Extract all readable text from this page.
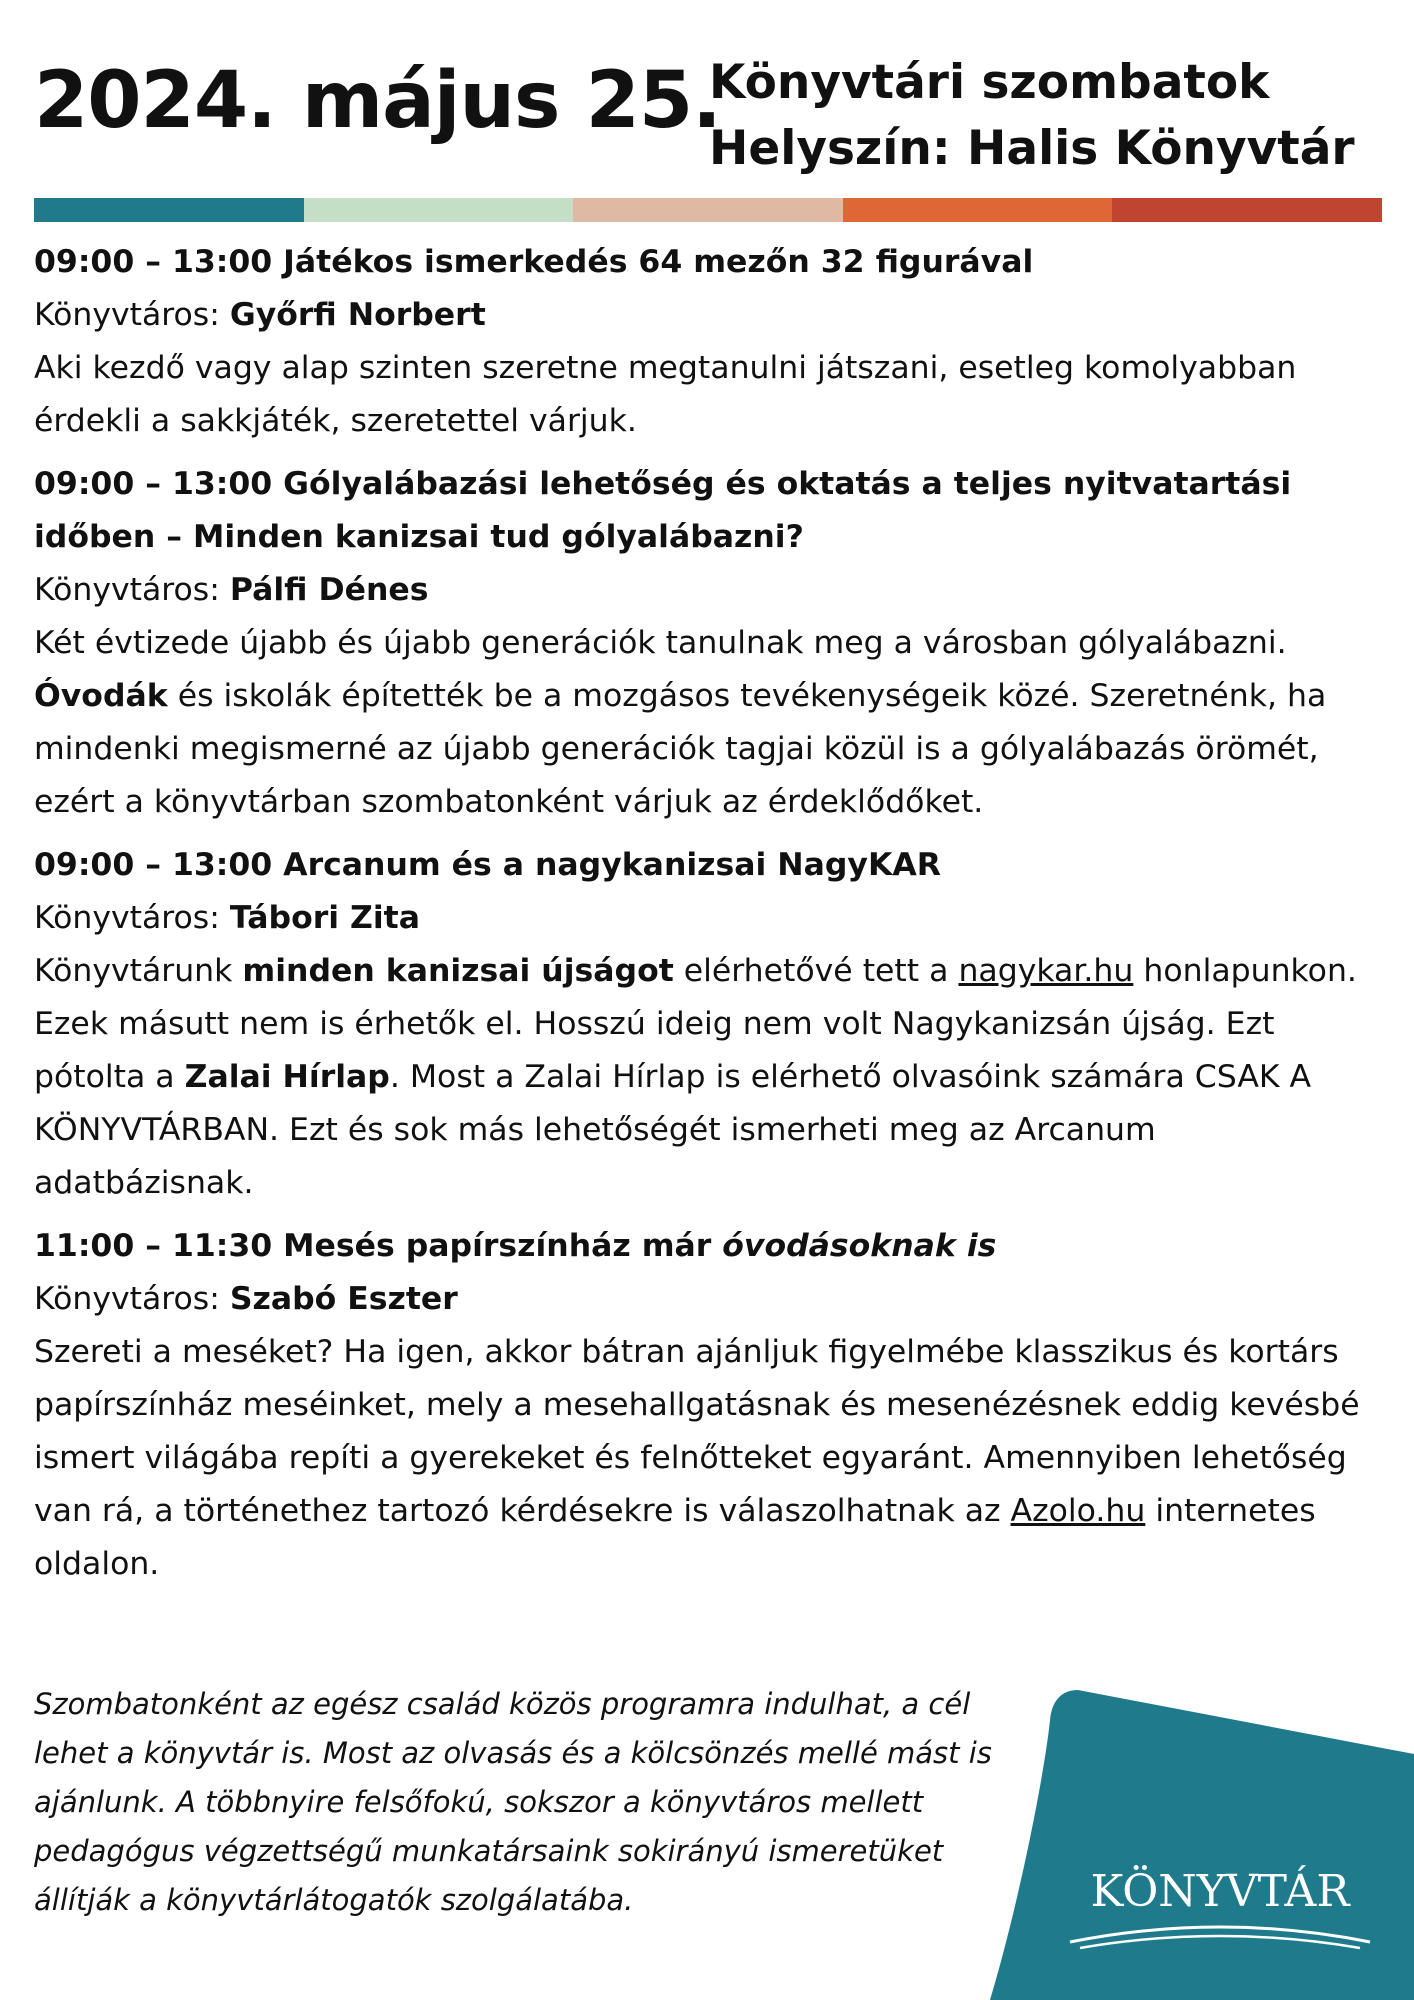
2024. május 25.
Könyvtári szombatok
Helyszín: Halis Könyvtár
09:00 – 13:00 Játékos ismerkedés 64 mezőn 32 figurával
Könyvtáros: Győrfi Norbert
Aki kezdő vagy alap szinten szeretne megtanulni játszani, esetleg komolyabban érdekli a sakkjáték, szeretettel várjuk.
09:00 – 13:00 Gólyalábazási lehetőség és oktatás a teljes nyitvatartási időben – Minden kanizsai tud gólyalábazni?
Könyvtáros: Pálfi Dénes
Két évtizede újabb és újabb generációk tanulnak meg a városban gólyalábazni. Óvodák és iskolák építették be a mozgásos tevékenységeik közé. Szeretnénk, ha mindenki megismerné az újabb generációk tagjai közül is a gólyalábazás örömét, ezért a könyvtárban szombatonként várjuk az érdeklődőket.
09:00 – 13:00 Arcanum és a nagykanizsai NagyKAR
Könyvtáros: Tábori Zita
Könyvtárunk minden kanizsai újságot elérhetővé tett a nagykar.hu honlapunkon. Ezek másutt nem is érhetők el. Hosszú ideig nem volt Nagykanizsán újság. Ezt pótolta a Zalai Hírlap. Most a Zalai Hírlap is elérhető olvasóink számára CSAK A KÖNYVTÁRBAN. Ezt és sok más lehetőségét ismerheti meg az Arcanum adatbázisnak.
11:00 – 11:30 Mesés papírszínház már óvodásoknak is
Könyvtáros: Szabó Eszter
Szereti a meséket? Ha igen, akkor bátran ajánljuk figyelmébe klasszikus és kortárs papírszínház meséinket, mely a mesehallgatásnak és mesenézésnek eddig kevésbé ismert világába repíti a gyerekeket és felnőtteket egyaránt. Amennyiben lehetőség van rá, a történethez tartozó kérdésekre is válaszolhatnak az Azolo.hu internetes oldalon.
Szombatonként az egész család közös programra indulhat, a cél lehet a könyvtár is. Most az olvasás és a kölcsönzés mellé mást is ajánlunk. A többnyire felsőfokú, sokszor a könyvtáros mellett pedagógus végzettségű munkatársaink sokirányú ismeretüket állítják a könyvtárlátogatók szolgálatába.	KÖNYVTÁR
